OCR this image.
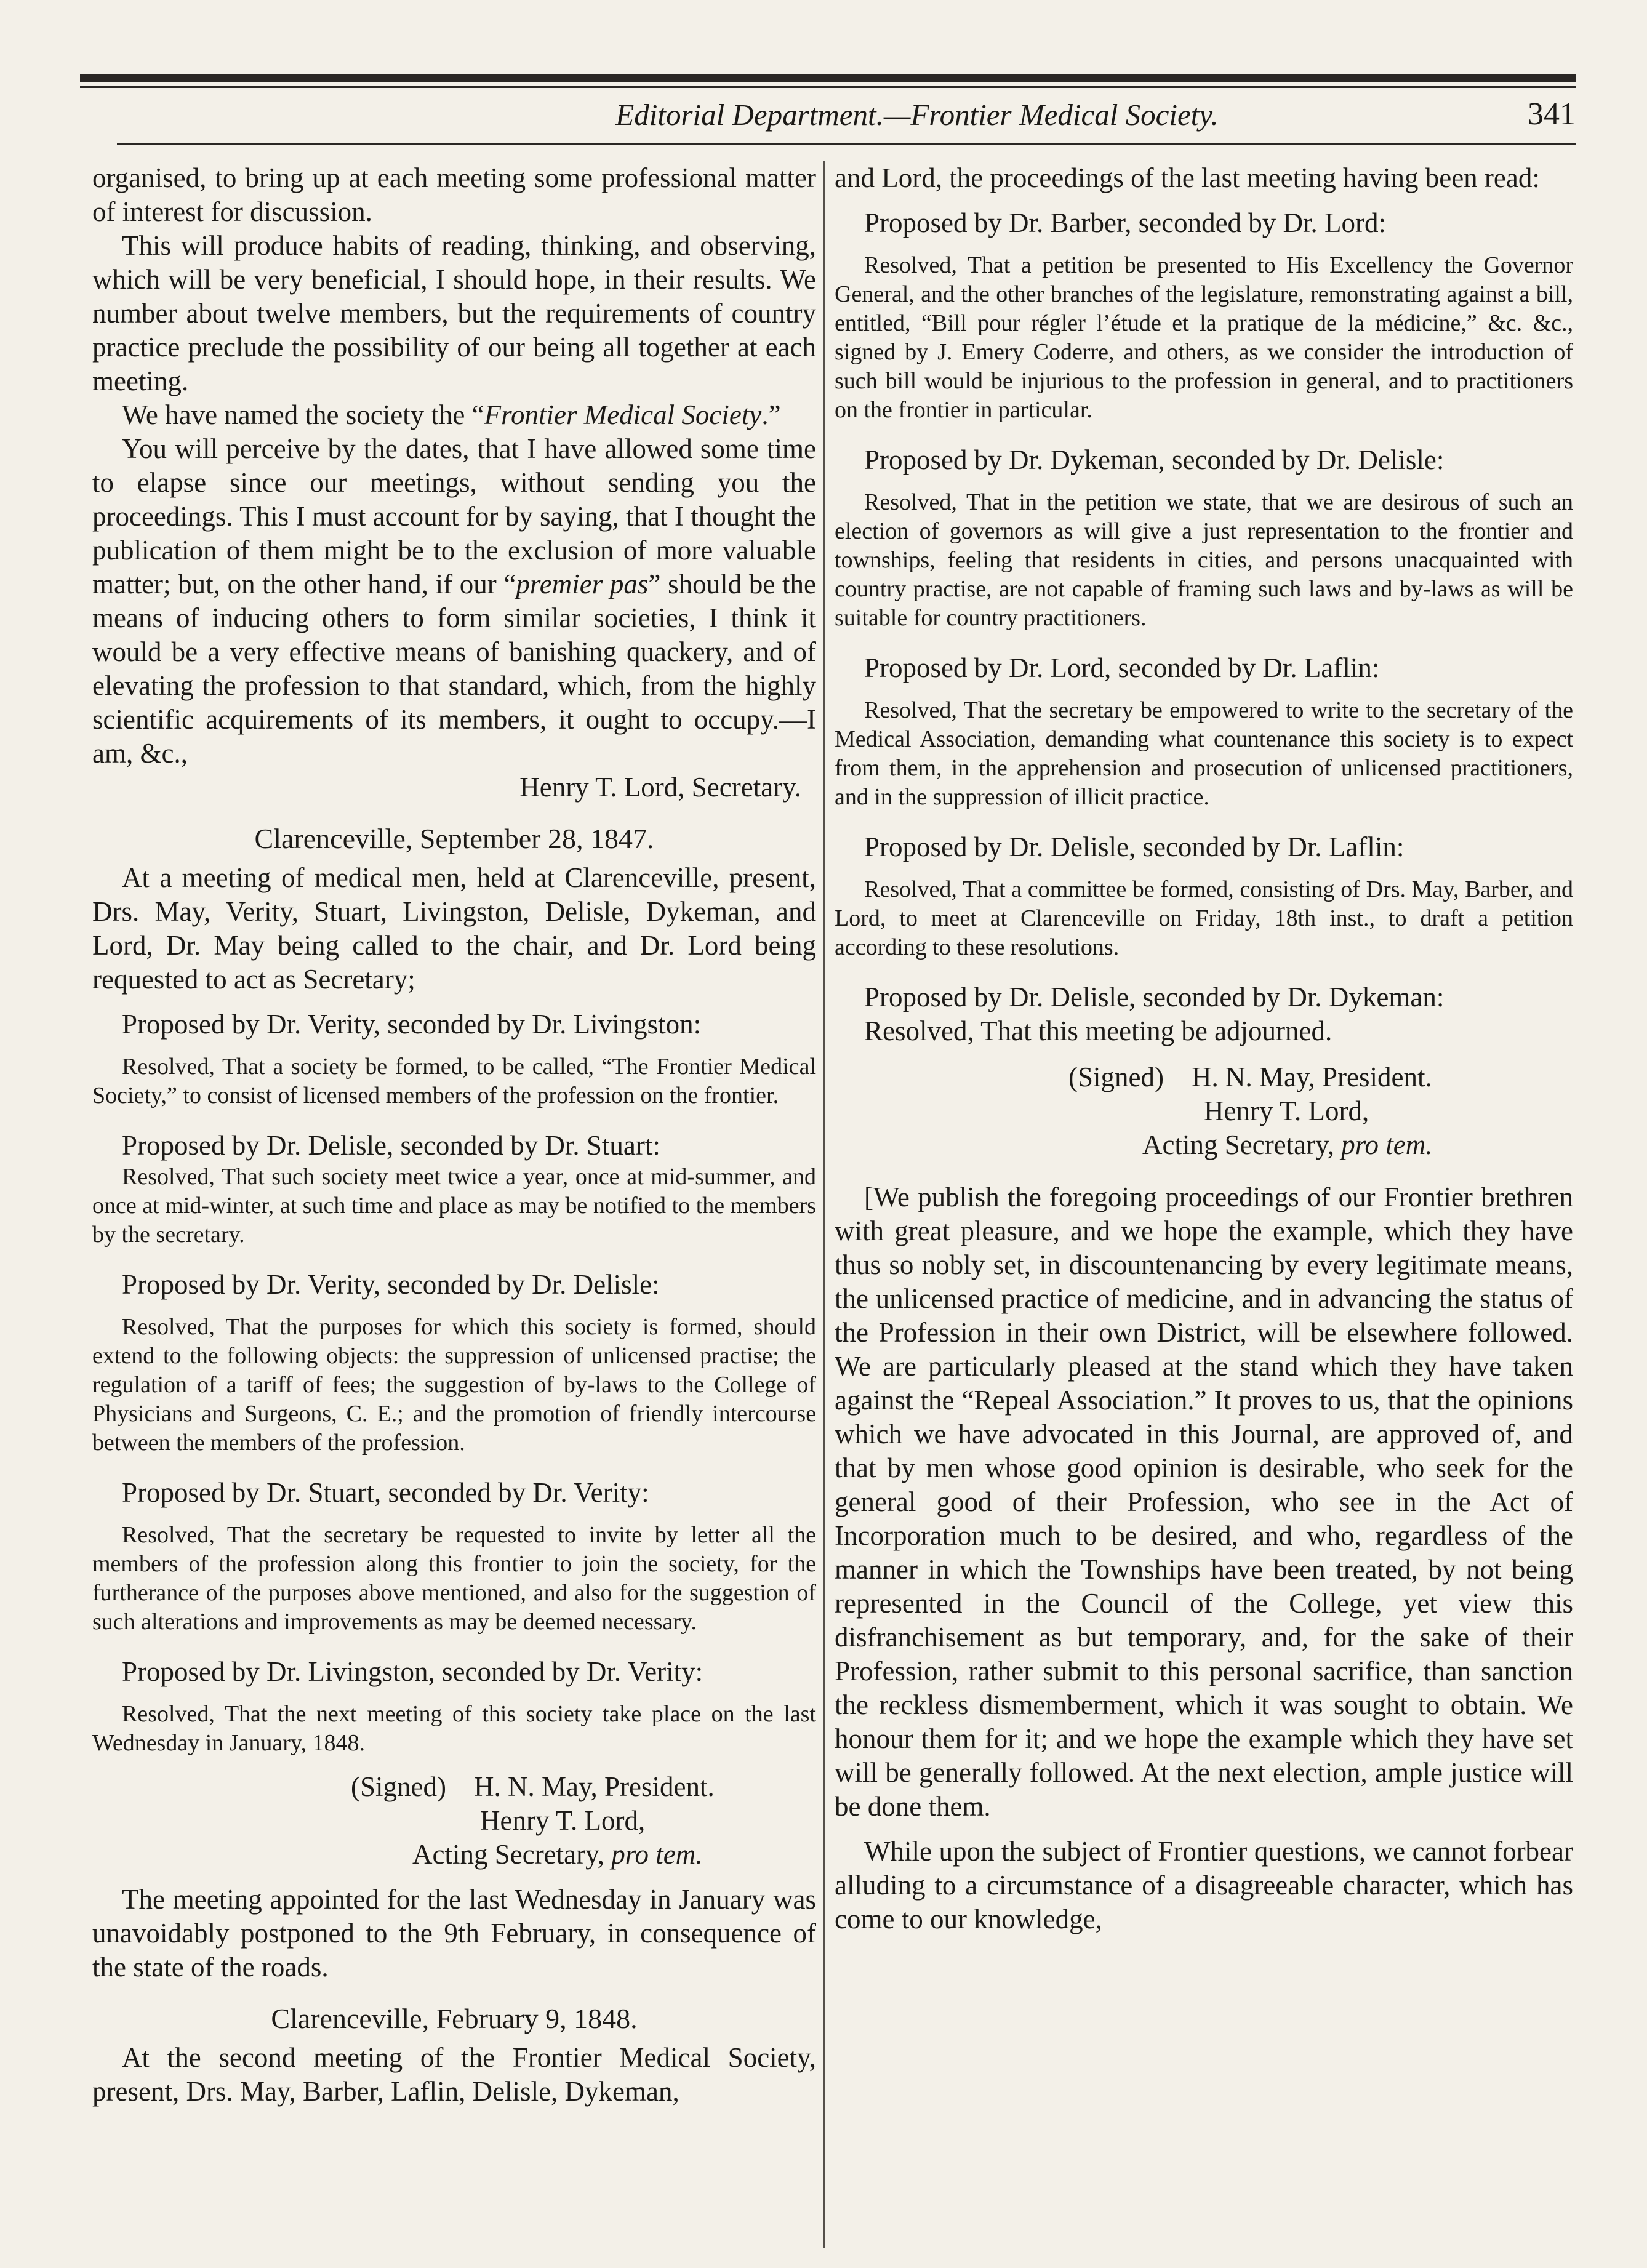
Editorial Department.—Frontier Medical Society.	341

organised, to bring up at each meeting some professional matter of interest for discussion.

This will produce habits of reading, thinking, and observing, which will be very beneficial, I should hope, in their results. We number about twelve members, but the requirements of country practice preclude the possibility of our being all together at each meeting.

We have named the society the “Frontier Medical Society.”

You will perceive by the dates, that I have allowed some time to elapse since our meetings, without sending you the proceedings. This I must account for by saying, that I thought the publication of them might be to the exclusion of more valuable matter; but, on the other hand, if our “premier pas” should be the means of inducing others to form similar societies, I think it would be a very effective means of banishing quackery, and of elevating the profession to that standard, which, from the highly scientific acquirements of its members, it ought to occupy.—I am, &c.,

Henry T. Lord, Secretary.

Clarenceville, September 28, 1847.

At a meeting of medical men, held at Clarenceville, present, Drs. May, Verity, Stuart, Livingston, Delisle, Dykeman, and Lord, Dr. May being called to the chair, and Dr. Lord being requested to act as Secretary;

Proposed by Dr. Verity, seconded by Dr. Livingston:

Resolved, That a society be formed, to be called, “The Frontier Medical Society,” to consist of licensed members of the profession on the frontier.

Proposed by Dr. Delisle, seconded by Dr. Stuart:

Resolved, That such society meet twice a year, once at mid-summer, and once at mid-winter, at such time and place as may be notified to the members by the secretary.

Proposed by Dr. Verity, seconded by Dr. Delisle:

Resolved, That the purposes for which this society is formed, should extend to the following objects: the suppression of unlicensed practise; the regulation of a tariff of fees; the suggestion of by-laws to the College of Physicians and Surgeons, C. E.; and the promotion of friendly intercourse between the members of the profession.

Proposed by Dr. Stuart, seconded by Dr. Verity:

Resolved, That the secretary be requested to invite by letter all the members of the profession along this frontier to join the society, for the furtherance of the purposes above mentioned, and also for the suggestion of such alterations and improvements as may be deemed necessary.

Proposed by Dr. Livingston, seconded by Dr. Verity:

Resolved, That the next meeting of this society take place on the last Wednesday in January, 1848.

(Signed) H. N. May, President.
Henry T. Lord,
Acting Secretary, pro tem.

The meeting appointed for the last Wednesday in January was unavoidably postponed to the 9th February, in consequence of the state of the roads.

Clarenceville, February 9, 1848.

At the second meeting of the Frontier Medical Society, present, Drs. May, Barber, Laflin, Delisle, Dykeman,

and Lord, the proceedings of the last meeting having been read:

Proposed by Dr. Barber, seconded by Dr. Lord:

Resolved, That a petition be presented to His Excellency the Governor General, and the other branches of the legislature, remonstrating against a bill, entitled, “Bill pour régler l’étude et la pratique de la médicine,” &c. &c., signed by J. Emery Coderre, and others, as we consider the introduction of such bill would be injurious to the profession in general, and to practitioners on the frontier in particular.

Proposed by Dr. Dykeman, seconded by Dr. Delisle:

Resolved, That in the petition we state, that we are desirous of such an election of governors as will give a just representation to the frontier and townships, feeling that residents in cities, and persons unacquainted with country practise, are not capable of framing such laws and by-laws as will be suitable for country practitioners.

Proposed by Dr. Lord, seconded by Dr. Laflin:

Resolved, That the secretary be empowered to write to the secretary of the Medical Association, demanding what countenance this society is to expect from them, in the apprehension and prosecution of unlicensed practitioners, and in the suppression of illicit practice.

Proposed by Dr. Delisle, seconded by Dr. Laflin:

Resolved, That a committee be formed, consisting of Drs. May, Barber, and Lord, to meet at Clarenceville on Friday, 18th inst., to draft a petition according to these resolutions.

Proposed by Dr. Delisle, seconded by Dr. Dykeman:

Resolved, That this meeting be adjourned.

(Signed) H. N. May, President.
Henry T. Lord,
Acting Secretary, pro tem.

[We publish the foregoing proceedings of our Frontier brethren with great pleasure, and we hope the example, which they have thus so nobly set, in discountenancing by every legitimate means, the unlicensed practice of medicine, and in advancing the status of the Profession in their own District, will be elsewhere followed. We are particularly pleased at the stand which they have taken against the “Repeal Association.” It proves to us, that the opinions which we have advocated in this Journal, are approved of, and that by men whose good opinion is desirable, who seek for the general good of their Profession, who see in the Act of Incorporation much to be desired, and who, regardless of the manner in which the Townships have been treated, by not being represented in the Council of the College, yet view this disfranchisement as but temporary, and, for the sake of their Profession, rather submit to this personal sacrifice, than sanction the reckless dismemberment, which it was sought to obtain. We honour them for it; and we hope the example which they have set will be generally followed. At the next election, ample justice will be done them.

While upon the subject of Frontier questions, we cannot forbear alluding to a circumstance of a disagreeable character, which has come to our knowledge,
